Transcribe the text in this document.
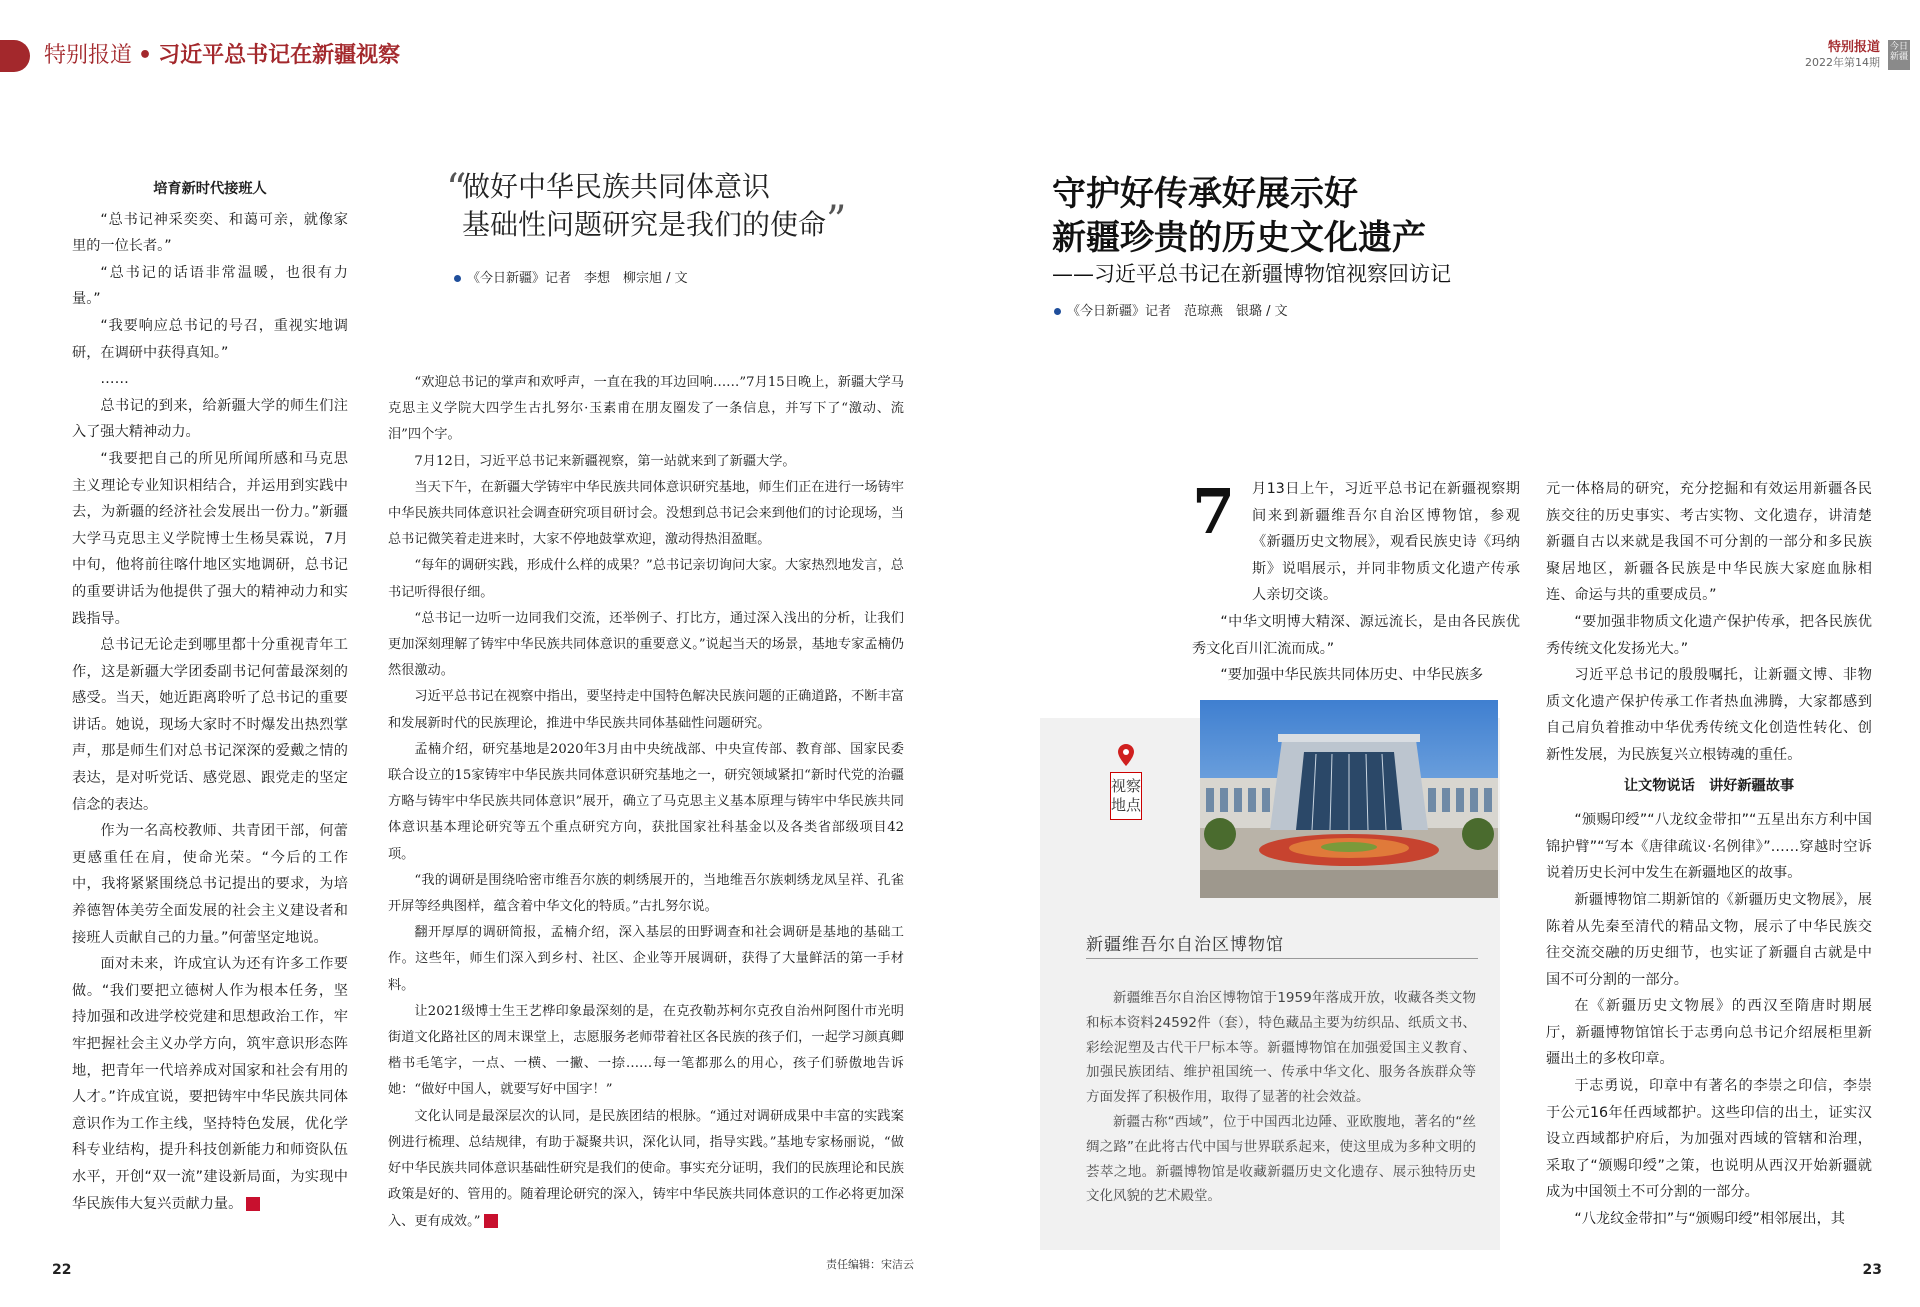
特别报道 • 习近平总书记在新疆视察	特别报道
2022年第14期
今日新疆

培育新时代接班人

“总书记神采奕奕、和蔼可亲，就像家里的一位长者。”

“总书记的话语非常温暖，也很有力量。”

“我要响应总书记的号召，重视实地调研，在调研中获得真知。”

……

总书记的到来，给新疆大学的师生们注入了强大精神动力。

“我要把自己的所见所闻所感和马克思主义理论专业知识相结合，并运用到实践中去，为新疆的经济社会发展出一份力。”新疆大学马克思主义学院博士生杨昊霖说，7月中旬，他将前往喀什地区实地调研，总书记的重要讲话为他提供了强大的精神动力和实践指导。

总书记无论走到哪里都十分重视青年工作，这是新疆大学团委副书记何蕾最深刻的感受。当天，她近距离聆听了总书记的重要讲话。她说，现场大家时不时爆发出热烈掌声，那是师生们对总书记深深的爱戴之情的表达，是对听党话、感党恩、跟党走的坚定信念的表达。

作为一名高校教师、共青团干部，何蕾更感重任在肩，使命光荣。“今后的工作中，我将紧紧围绕总书记提出的要求，为培养德智体美劳全面发展的社会主义建设者和接班人贡献自己的力量。”何蕾坚定地说。

面对未来，许成宜认为还有许多工作要做。“我们要把立德树人作为根本任务，坚持加强和改进学校党建和思想政治工作，牢牢把握社会主义办学方向，筑牢意识形态阵地，把青年一代培养成对国家和社会有用的人才。”许成宜说，要把铸牢中华民族共同体意识作为工作主线，坚持特色发展，优化学科专业结构，提升科技创新能力和师资队伍水平，开创“双一流”建设新局面，为实现中华民族伟大复兴贡献力量。

“
做好中华民族共同体意识
基础性问题研究是我们的使命”
《今日新疆》记者　李想　柳宗旭 / 文

“欢迎总书记的掌声和欢呼声，一直在我的耳边回响……”7月15日晚上，新疆大学马克思主义学院大四学生古扎努尔·玉素甫在朋友圈发了一条信息，并写下了“激动、流泪”四个字。

7月12日，习近平总书记来新疆视察，第一站就来到了新疆大学。

当天下午，在新疆大学铸牢中华民族共同体意识研究基地，师生们正在进行一场铸牢中华民族共同体意识社会调查研究项目研讨会。没想到总书记会来到他们的讨论现场，当总书记微笑着走进来时，大家不停地鼓掌欢迎，激动得热泪盈眶。

“每年的调研实践，形成什么样的成果？”总书记亲切询问大家。大家热烈地发言，总书记听得很仔细。

“总书记一边听一边同我们交流，还举例子、打比方，通过深入浅出的分析，让我们更加深刻理解了铸牢中华民族共同体意识的重要意义。”说起当天的场景，基地专家孟楠仍然很激动。

习近平总书记在视察中指出，要坚持走中国特色解决民族问题的正确道路，不断丰富和发展新时代的民族理论，推进中华民族共同体基础性问题研究。

孟楠介绍，研究基地是2020年3月由中央统战部、中央宣传部、教育部、国家民委联合设立的15家铸牢中华民族共同体意识研究基地之一，研究领域紧扣“新时代党的治疆方略与铸牢中华民族共同体意识”展开，确立了马克思主义基本原理与铸牢中华民族共同体意识基本理论研究等五个重点研究方向，获批国家社科基金以及各类省部级项目42项。

“我的调研是围绕哈密市维吾尔族的刺绣展开的，当地维吾尔族刺绣龙凤呈祥、孔雀开屏等经典图样，蕴含着中华文化的特质。”古扎努尔说。

翻开厚厚的调研简报，孟楠介绍，深入基层的田野调查和社会调研是基地的基础工作。这些年，师生们深入到乡村、社区、企业等开展调研，获得了大量鲜活的第一手材料。

让2021级博士生王艺桦印象最深刻的是，在克孜勒苏柯尔克孜自治州阿图什市光明街道文化路社区的周末课堂上，志愿服务老师带着社区各民族的孩子们，一起学习颜真卿楷书毛笔字，一点、一横、一撇、一捺……每一笔都那么的用心，孩子们骄傲地告诉她：“做好中国人，就要写好中国字！”

文化认同是最深层次的认同，是民族团结的根脉。“通过对调研成果中丰富的实践案例进行梳理、总结规律，有助于凝聚共识，深化认同，指导实践。”基地专家杨丽说，“做好中华民族共同体意识基础性研究是我们的使命。事实充分证明，我们的民族理论和民族政策是好的、管用的。随着理论研究的深入，铸牢中华民族共同体意识的工作必将更加深入、更有成效。”

责任编辑：宋洁云
22	23
守护好传承好展示好
新疆珍贵的历史文化遗产
——习近平总书记在新疆博物馆视察回访记
《今日新疆》记者　范琼燕　银璐 / 文
7	月13日上午，习近平总书记在新疆视察期间来到新疆维吾尔自治区博物馆，参观《新疆历史文物展》，观看民族史诗《玛纳斯》说唱展示，并同非物质文化遗产传承人亲切交谈。

“中华文明博大精深、源远流长，是由各民族优秀文化百川汇流而成。”

“要加强中华民族共同体历史、中华民族多

元一体格局的研究，充分挖掘和有效运用新疆各民族交往的历史事实、考古实物、文化遗存，讲清楚新疆自古以来就是我国不可分割的一部分和多民族聚居地区，新疆各民族是中华民族大家庭血脉相连、命运与共的重要成员。”

“要加强非物质文化遗产保护传承，把各民族优秀传统文化发扬光大。”

习近平总书记的殷殷嘱托，让新疆文博、非物质文化遗产保护传承工作者热血沸腾，大家都感到自己肩负着推动中华优秀传统文化创造性转化、创新性发展，为民族复兴立根铸魂的重任。

让文物说话　讲好新疆故事

“颁赐印绶”“八龙纹金带扣”“五星出东方利中国锦护臂”“写本《唐律疏议·名例律》”……穿越时空诉说着历史长河中发生在新疆地区的故事。

新疆博物馆二期新馆的《新疆历史文物展》，展陈着从先秦至清代的精品文物，展示了中华民族交往交流交融的历史细节，也实证了新疆自古就是中国不可分割的一部分。

在《新疆历史文物展》的西汉至隋唐时期展厅，新疆博物馆馆长于志勇向总书记介绍展柜里新疆出土的多枚印章。

于志勇说，印章中有著名的李崇之印信，李崇于公元16年任西域都护。这些印信的出土，证实汉设立西域都护府后，为加强对西域的管辖和治理，采取了“颁赐印绶”之策，也说明从西汉开始新疆就成为中国领土不可分割的一部分。

“八龙纹金带扣”与“颁赐印绶”相邻展出，其

视察地点
新疆维吾尔自治区博物馆

新疆维吾尔自治区博物馆于1959年落成开放，收藏各类文物和标本资料24592件（套），特色藏品主要为纺织品、纸质文书、彩绘泥塑及古代干尸标本等。新疆博物馆在加强爱国主义教育、加强民族团结、维护祖国统一、传承中华文化、服务各族群众等方面发挥了积极作用，取得了显著的社会效益。

新疆古称“西域”，位于中国西北边陲、亚欧腹地，著名的“丝绸之路”在此将古代中国与世界联系起来，使这里成为多种文明的荟萃之地。新疆博物馆是收藏新疆历史文化遗存、展示独特历史文化风貌的艺术殿堂。
